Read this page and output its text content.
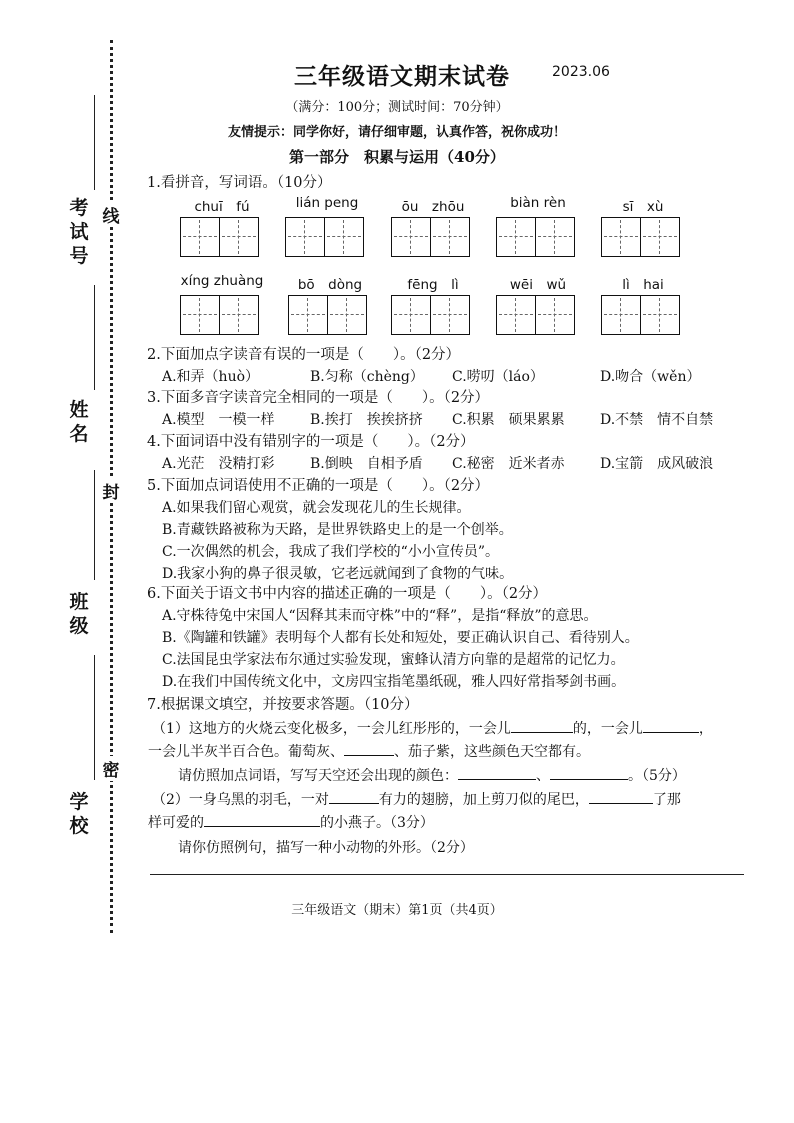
考试号
姓名
班级
学校
线
封
密
三年级语文期末试卷	2023.06
（满分：100分；测试时间：70分钟）
友情提示：同学你好，请仔细审题，认真作答，祝你成功！
第一部分　积累与运用（40分）
1.看拼音，写词语。（10分）
chuī　fú	lián peng	ōu　zhōu	biàn rèn	sī　xù
xíng zhuàng	bō　dòng	fēng　lì	wēi　wǔ	lì　hai
2.下面加点字读音有误的一项是（　　）。（2分）
A.和弄（huò）	B.匀称（chèng） C.唠叨（láo）	D.吻合（wěn）
3.下面多音字读音完全相同的一项是（　　）。（2分）
A.模型　一模一样	B.挨打　挨挨挤挤 C.积累　硕果累累	D.不禁　情不自禁
4.下面词语中没有错别字的一项是（　　）。（2分）
A.光茫　没精打彩	B.倒映　自相予盾 C.秘密　近米者赤	D.宝箭　成风破浪
5.下面加点词语使用不正确的一项是（　　）。（2分）
A.如果我们留心观赏，就会发现花儿的生长规律。
B.青藏铁路被称为天路，是世界铁路史上的是一个创举。
C.一次偶然的机会，我成了我们学校的“小小宣传员”。
D.我家小狗的鼻子很灵敏，它老远就闻到了食物的气味。
6.下面关于语文书中内容的描述正确的一项是（　　）。（2分）
A.守株待兔中宋国人“因释其耒而守株”中的“释”，是指“释放”的意思。
B.《陶罐和铁罐》表明每个人都有长处和短处，要正确认识自己、看待别人。
C.法国昆虫学家法布尔通过实验发现，蜜蜂认清方向靠的是超常的记忆力。
D.在我们中国传统文化中，文房四宝指笔墨纸砚，雅人四好常指琴剑书画。
7.根据课文填空，并按要求答题。（10分）
（1）这地方的火烧云变化极多，一会儿红彤彤的，一会儿	的，一会儿	，
一会儿半灰半百合色。葡萄灰、	、茄子紫，这些颜色天空都有。
请仿照加点词语，写写天空还会出现的颜色：	、	。（5分）
（2）一身乌黑的羽毛，一对	有力的翅膀，加上剪刀似的尾巴，	了那
样可爱的	的小燕子。（3分）
请你仿照例句，描写一种小动物的外形。（2分）
三年级语文（期末）第1页（共4页）
